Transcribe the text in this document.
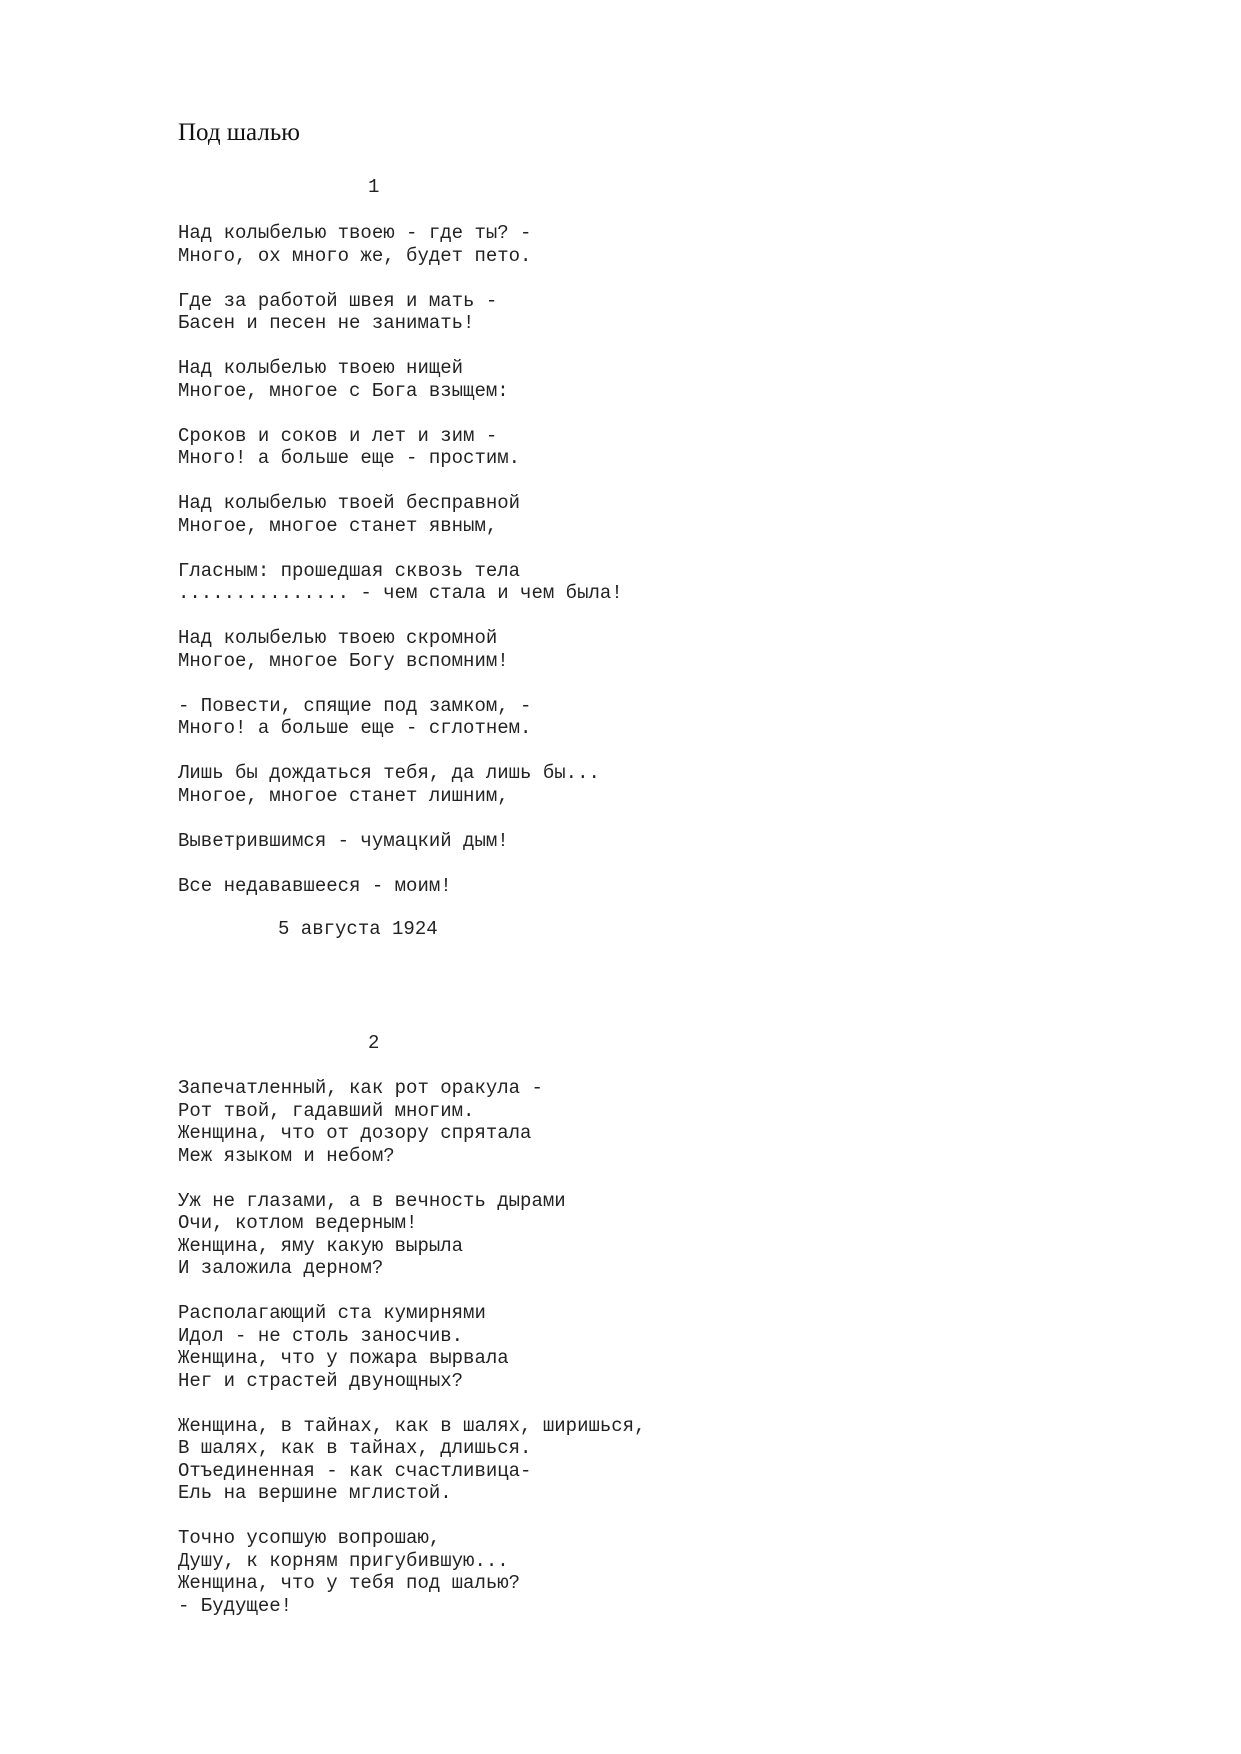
Под шалью
1
Над колыбелью твоею - где ты? -
Много, ох много же, будет пето.
Где за работой швея и мать -
Басен и песен не занимать!
Над колыбелью твоею нищей
Многое, многое с Бога взыщем:
Сроков и соков и лет и зим -
Много! а больше еще - простим.
Над колыбелью твоей бесправной
Многое, многое станет явным,
Гласным: прошедшая сквозь тела
............... - чем стала и чем была!
Над колыбелью твоею скромной
Многое, многое Богу вспомним!
- Повести, спящие под замком, -
Много! а больше еще - сглотнем.
Лишь бы дождаться тебя, да лишь бы...
Многое, многое станет лишним,
Выветрившимся - чумацкий дым!
Все недававшееся - моим!
5 августа 1924
2
Запечатленный, как рот оракула -
Рот твой, гадавший многим.
Женщина, что от дозору спрятала
Меж языком и небом?
Уж не глазами, а в вечность дырами
Очи, котлом ведерным!
Женщина, яму какую вырыла
И заложила дерном?
Располагающий ста кумирнями
Идол - не столь заносчив.
Женщина, что у пожара вырвала
Нег и страстей двунощных?
Женщина, в тайнах, как в шалях, ширишься,
В шалях, как в тайнах, длишься.
Отъединенная - как счастливица-
Ель на вершине мглистой.
Точно усопшую вопрошаю,
Душу, к корням пригубившую...
Женщина, что у тебя под шалью?
- Будущее!
